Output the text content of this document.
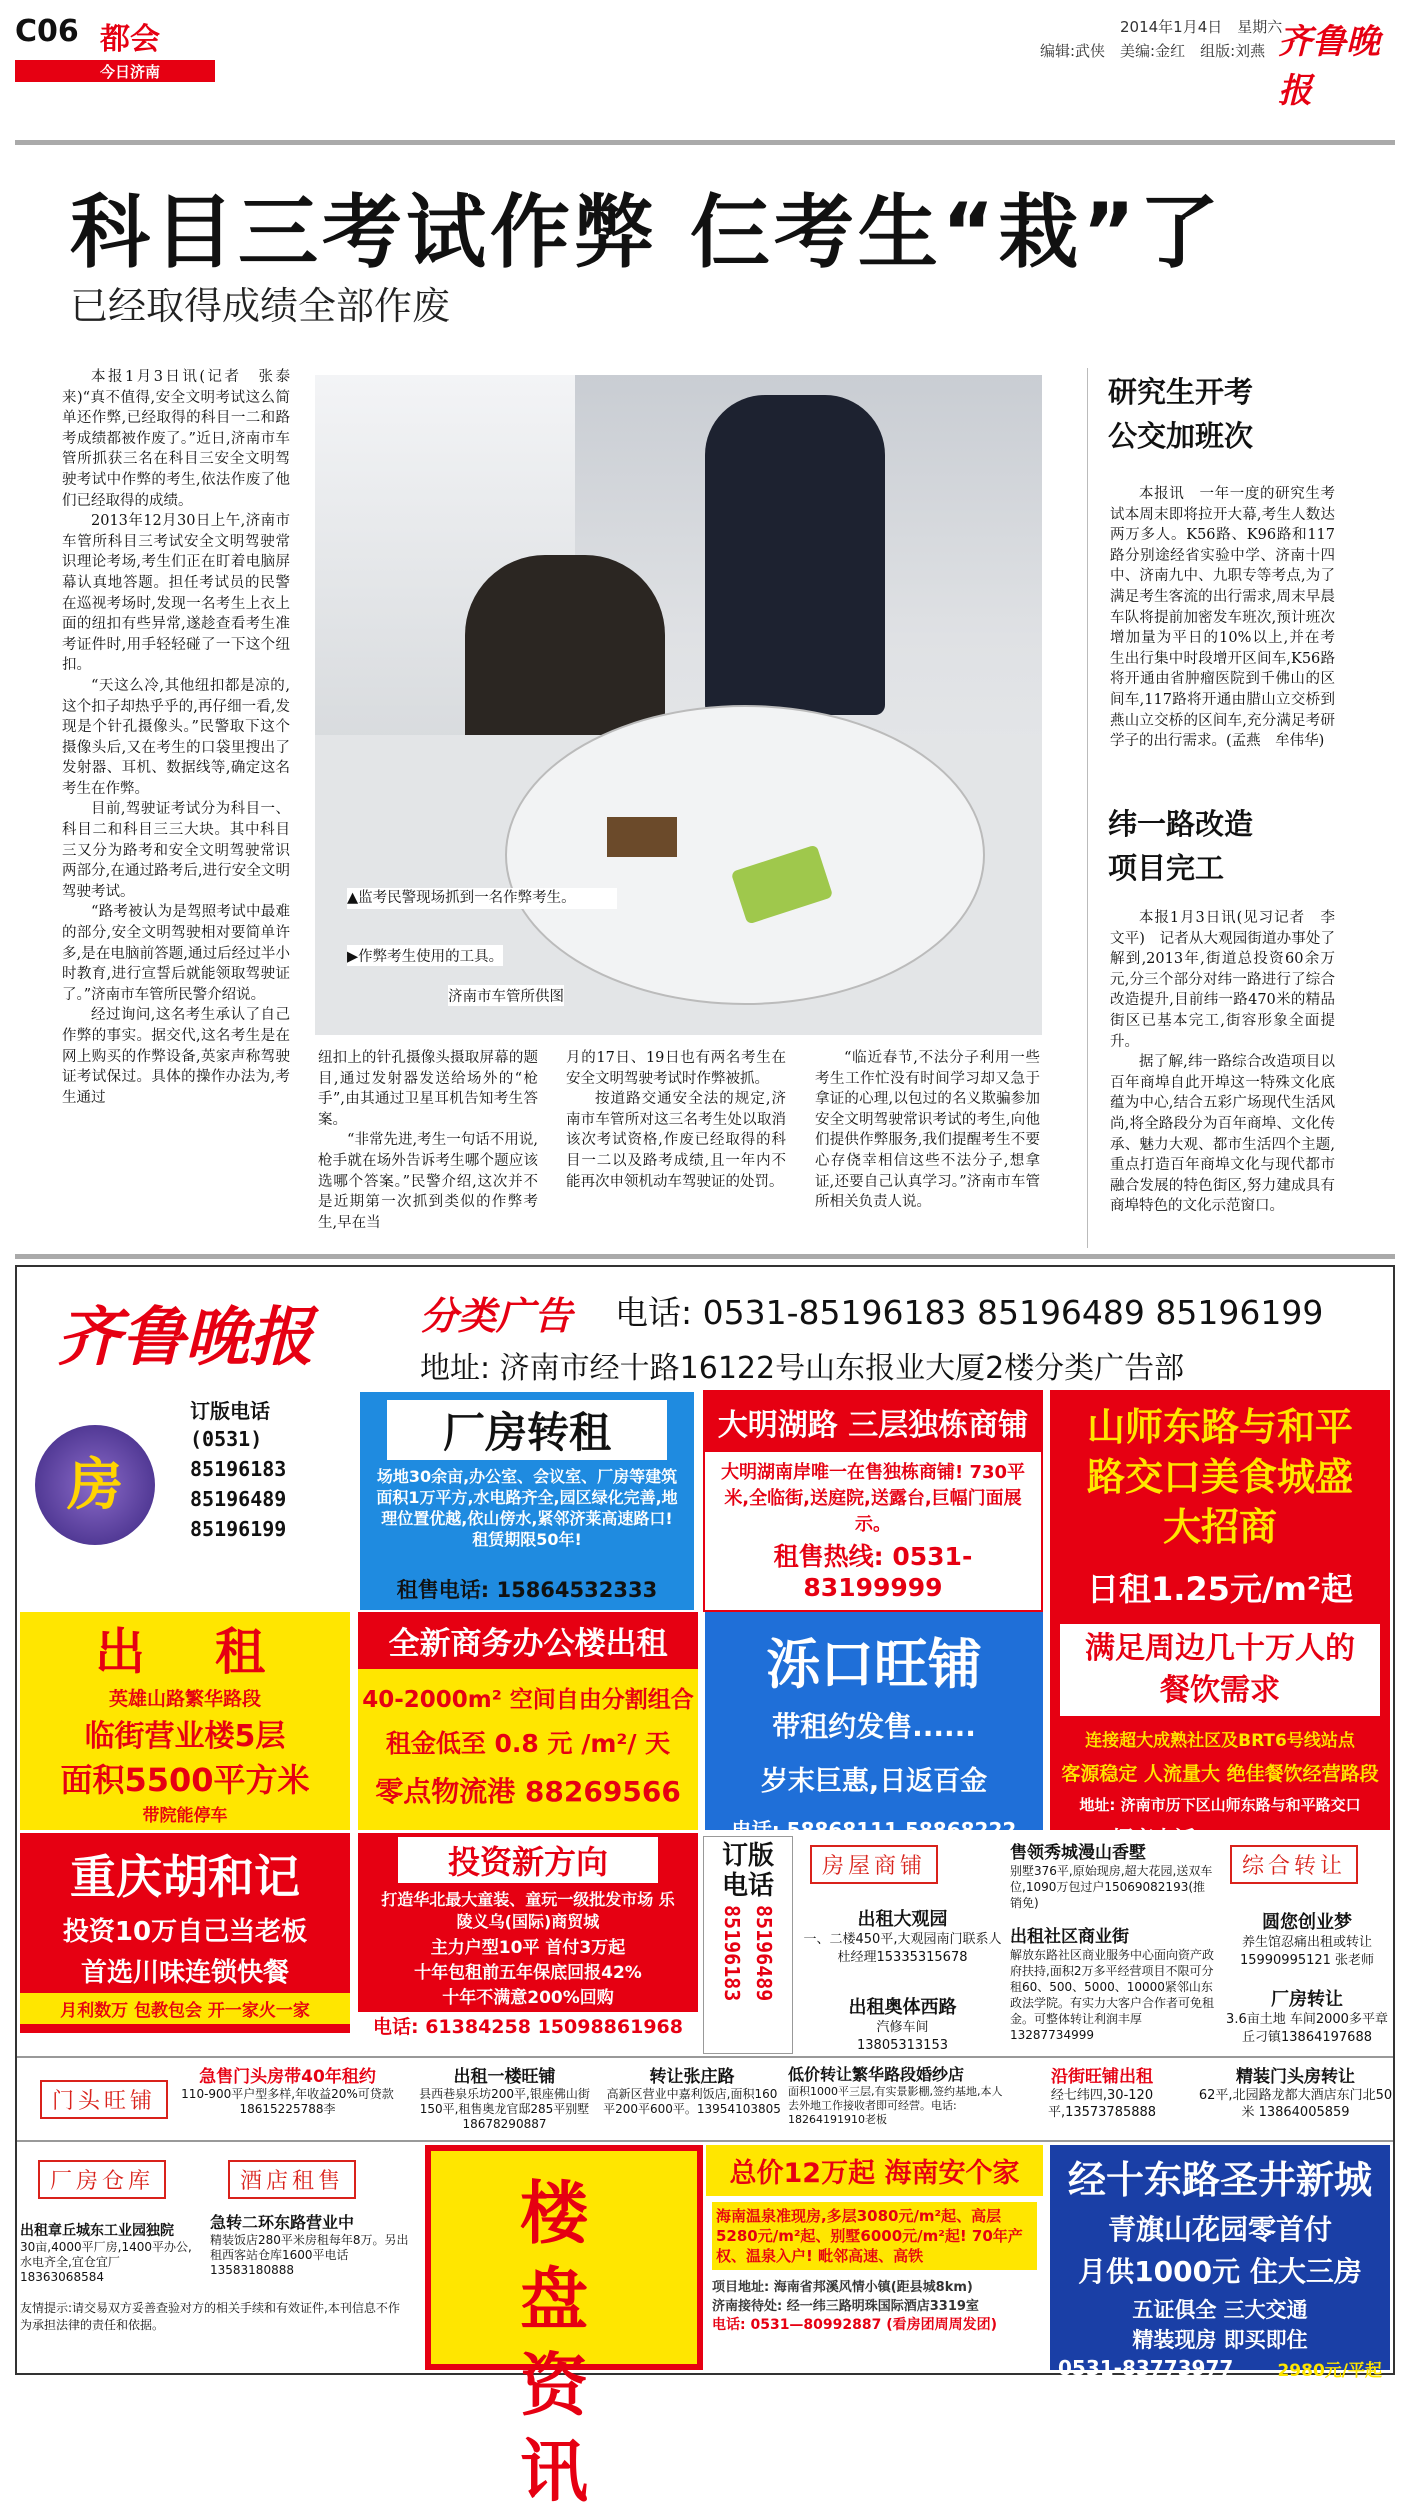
C06 都会
今日济南
2014年1月4日　星期六
编辑:武侠　美编:金红　组版:刘燕 齐鲁晚报
科目三考试作弊 仨考生“栽”了
已经取得成绩全部作废

本报1月3日讯(记者　张泰来)“真不值得,安全文明考试这么简单还作弊,已经取得的科目一二和路考成绩都被作废了。”近日,济南市车管所抓获三名在科目三安全文明驾驶考试中作弊的考生,依法作废了他们已经取得的成绩。

2013年12月30日上午,济南市车管所科目三考试安全文明驾驶常识理论考场,考生们正在盯着电脑屏幕认真地答题。担任考试员的民警在巡视考场时,发现一名考生上衣上面的纽扣有些异常,遂趁查看考生准考证件时,用手轻轻碰了一下这个纽扣。

“天这么冷,其他纽扣都是凉的,这个扣子却热乎乎的,再仔细一看,发现是个针孔摄像头。”民警取下这个摄像头后,又在考生的口袋里搜出了发射器、耳机、数据线等,确定这名考生在作弊。

目前,驾驶证考试分为科目一、科目二和科目三三大块。其中科目三又分为路考和安全文明驾驶常识两部分,在通过路考后,进行安全文明驾驶考试。

“路考被认为是驾照考试中最难的部分,安全文明驾驶相对要简单许多,是在电脑前答题,通过后经过半小时教育,进行宣誓后就能领取驾驶证了。”济南市车管所民警介绍说。

经过询问,这名考生承认了自己作弊的事实。据交代,这名考生是在网上购买的作弊设备,英家声称驾驶证考试保过。具体的操作办法为,考生通过

▲监考民警现场抓到一名作弊考生。
▶作弊考生使用的工具。
济南市车管所供图

纽扣上的针孔摄像头摄取屏幕的题目,通过发射器发送给场外的“枪手”,由其通过卫星耳机告知考生答案。

“非常先进,考生一句话不用说,枪手就在场外告诉考生哪个题应该选哪个答案。”民警介绍,这次并不是近期第一次抓到类似的作弊考生,早在当

月的17日、19日也有两名考生在安全文明驾驶考试时作弊被抓。

按道路交通安全法的规定,济南市车管所对这三名考生处以取消该次考试资格,作废已经取得的科目一二以及路考成绩,且一年内不能再次申领机动车驾驶证的处罚。

“临近春节,不法分子利用一些考生工作忙没有时间学习却又急于拿证的心理,以包过的名义欺骗参加安全文明驾驶常识考试的考生,向他们提供作弊服务,我们提醒考生不要心存侥幸相信这些不法分子,想拿证,还要自己认真学习。”济南市车管所相关负责人说。

研究生开考
公交加班次

本报讯　一年一度的研究生考试本周末即将拉开大幕,考生人数达两万多人。K56路、K96路和117路分别途经省实验中学、济南十四中、济南九中、九职专等考点,为了满足考生客流的出行需求,周末早晨车队将提前加密发车班次,预计班次增加量为平日的10%以上,并在考生出行集中时段增开区间车,K56路将开通由省肿瘤医院到千佛山的区间车,117路将开通由腊山立交桥到燕山立交桥的区间车,充分满足考研学子的出行需求。(孟燕　牟伟华)

纬一路改造
项目完工

本报1月3日讯(见习记者　李文平)　记者从大观园街道办事处了解到,2013年,街道总投资60余万元,分三个部分对纬一路进行了综合改造提升,目前纬一路470米的精品街区已基本完工,街容形象全面提升。

据了解,纬一路综合改造项目以百年商埠自此开埠这一特殊文化底蕴为中心,结合五彩广场现代生活风尚,将全路段分为百年商埠、文化传承、魅力大观、都市生活四个主题,重点打造百年商埠文化与现代都市融合发展的特色街区,努力建成具有商埠特色的文化示范窗口。

齐鲁晚报	分类广告 电话: 0531-85196183 85196489 85196199
地址: 济南市经十路16122号山东报业大厦2楼分类广告部
房
订版电话
(0531)
85196183
85196489
85196199
厂房转租
场地30余亩,办公室、会议室、厂房等建筑面积1万平方,水电路齐全,园区绿化完善,地理位置优越,依山傍水,紧邻济莱高速路口!租赁期限50年!
租售电话: 15864532333
大明湖路 三层独栋商铺
大明湖南岸唯一在售独栋商铺! 730平米,全临街,送庭院,送露台,巨幅门面展示。
租售热线: 0531-83199999
山师东路与和平路交口美食城盛大招商
日租1.25元/m²起
满足周边几十万人的餐饮需求
连接超大成熟社区及BRT6号线站点
客源稳定 人流量大 绝佳餐饮经营路段
地址: 济南市历下区山师东路与和平路交口
招商电话: 82060688
出　租
英雄山路繁华路段
临街营业楼5层
面积5500平方米
带院能停车
全新商务办公楼出租
40-2000m² 空间自由分割组合
租金低至 0.8 元 /m²/ 天
零点物流港 88269566
泺口旺铺
带租约发售......
岁末巨惠,日返百金
电话: 58868111 58868222
重庆胡和记
投资10万自己当老板
首选川味连锁快餐
月利数万 包教包会 开一家火一家
加盟咨询: 15552881888 陈先生
投资新方向
打造华北最大童装、童玩一级批发市场 乐陵义乌(国际)商贸城
主力户型10平 首付3万起
十年包租前五年保底回报42%
十年不满意200%回购
电话: 61384258 15098861968
订版电话
85196183 85196489
房屋商铺	综合转让
出租大观园
一、二楼450平,大观园南门联系人杜经理15335315678
出租奥体西路
汽修车间
13805313153
售领秀城漫山香墅
别墅376平,原始现房,超大花园,送双车位,1090万包过户15069082193(推销免)
出租社区商业街
解放东路社区商业服务中心面向资产政府扶持,面积2万多平经营项目不限可分租60、500、5000、10000紧邻山东政法学院。有实力大客户合作者可免租金。可整体转让利润丰厚13287734999
圆您创业梦
养生馆忍痛出租或转让15990995121 张老师
厂房转让
3.6亩土地 车间2000多平章丘刁镇13864197688
门头旺铺
急售门头房带40年租约
110-900平户型多样,年收益20%可贷款 18615225788李
出租一楼旺铺
县西巷泉乐坊200平,银座佛山街150平,租售奥龙官邸285平别墅18678290887
转让张庄路
高新区营业中嘉利饭店,面积160平200平600平。13954103805
低价转让繁华路段婚纱店
面积1000平三层,有实景影棚,签约基地,本人去外地工作接收者即可经营。电话: 18264191910老板
沿街旺铺出租
经七纬四,30-120平,13573785888
精装门头房转让
62平,北园路龙都大酒店东门北50米 13864005859
厂房仓库	酒店租售
出租章丘城东工业园独院
30亩,4000平厂房,1400平办公,水电齐全,宜仓宜厂18363068584
急转二环东路营业中
精装饭店280平米房租每年8万。另出租西客站仓库1600平电话13583180888
友情提示:请交易双方妥善查验对方的相关手续和有效证件,本刊信息不作为承担法律的责任和依据。
楼盘资讯
总价12万起 海南安个家
海南温泉准现房,多层3080元/m²起、高层5280元/m²起、别墅6000元/m²起! 70年产权、温泉入户! 毗邻高速、高铁
项目地址: 海南省邦溪风情小镇(距县城8km)
济南接待处: 经一纬三路明珠国际酒店3319室
电话: 0531—80992887 (看房团周周发团)
经十东路圣井新城
青旗山花园零首付
月供1000元 住大三房
五证俱全 三大交通
精装现房 即买即住
0531-83773977	2980元/平起
